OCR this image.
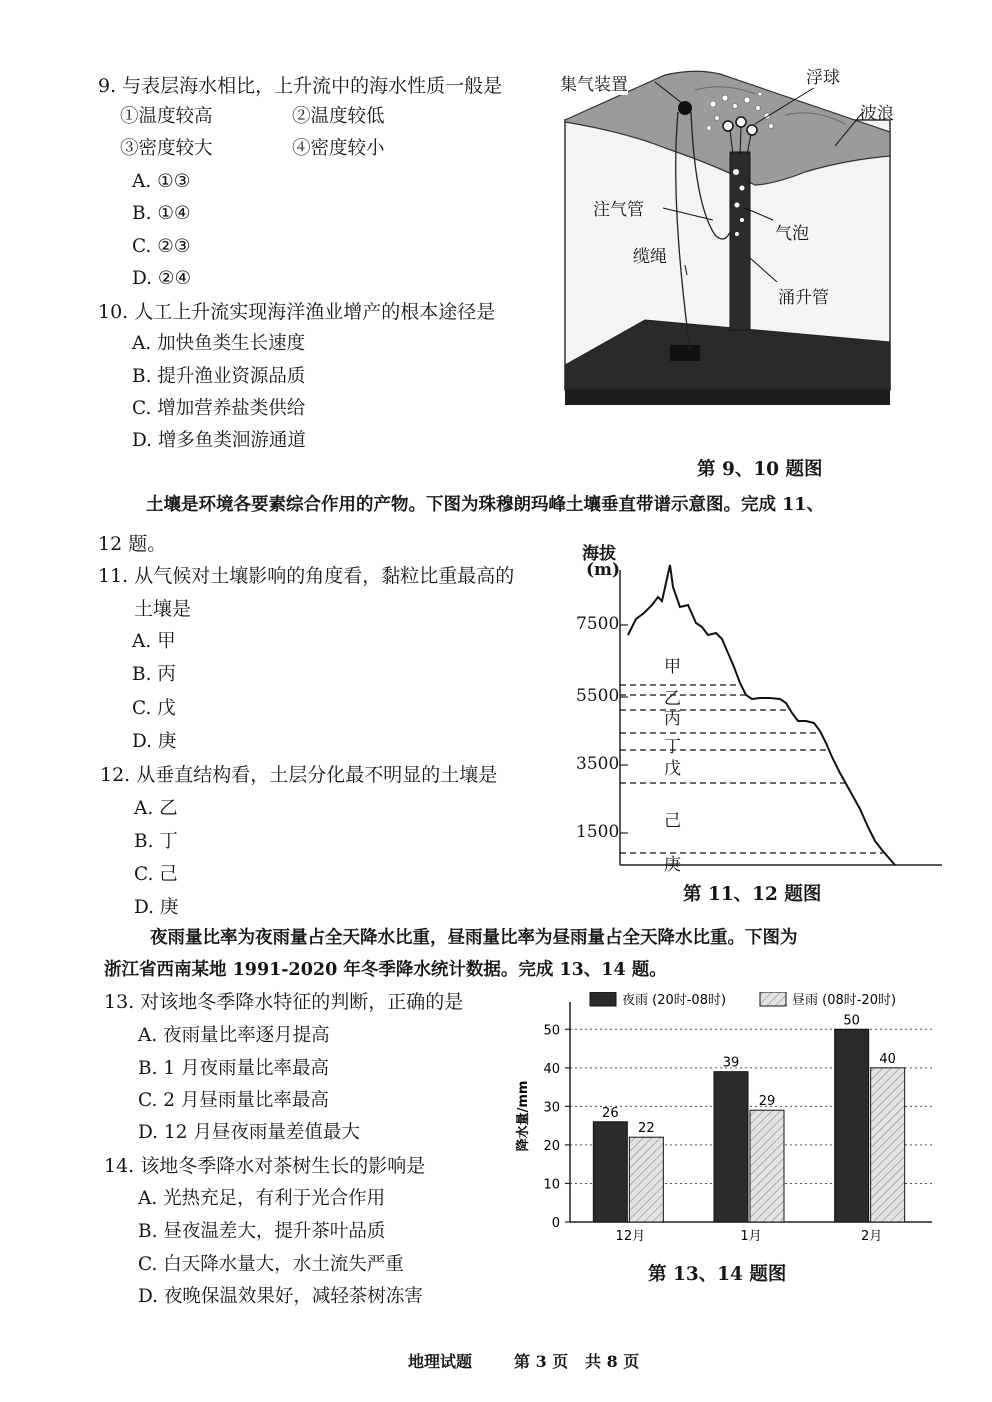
9. 与表层海水相比，上升流中的海水性质一般是
①温度较高	②温度较低
③密度较大	④密度较小
A. ①③
B. ①④
C. ②③
D. ②④
10. 人工上升流实现海洋渔业增产的根本途径是
A. 加快鱼类生长速度
B. 提升渔业资源品质
C. 增加营养盐类供给
D. 增多鱼类洄游通道
集气装置	浮球
波浪
注气管
气泡
缆绳
涌升管
第 9、10 题图
土壤是环境各要素综合作用的产物。下图为珠穆朗玛峰土壤垂直带谱示意图。完成 11、
12 题。
11. 从气候对土壤影响的角度看，黏粒比重最高的
土壤是
A. 甲
B. 丙
C. 戊
D. 庚
12. 从垂直结构看，土层分化最不明显的土壤是
A. 乙
B. 丁
C. 己
D. 庚
海拔
(m)
7500
5500
3500
1500
甲
乙
丙
丁
戊
己
庚
第 11、12 题图
夜雨量比率为夜雨量占全天降水比重，昼雨量比率为昼雨量占全天降水比重。下图为
浙江省西南某地 1991-2020 年冬季降水统计数据。完成 13、14 题。
13. 对该地冬季降水特征的判断，正确的是
A. 夜雨量比率逐月提高
B. 1 月夜雨量比率最高
C. 2 月昼雨量比率最高
D. 12 月昼夜雨量差值最大
14. 该地冬季降水对茶树生长的影响是
A. 光热充足，有利于光合作用
B. 昼夜温差大，提升茶叶品质
C. 白天降水量大，水土流失严重
D. 夜晚保温效果好，减轻茶树冻害
0
10
20
30
40
50
降水量/mm	26
22
12月
39
29
1月
50
40
2月
夜雨 (20时-08时)	昼雨 (08时-20时)
第 13、14 题图
地理试题	第 3 页 共 8 页
